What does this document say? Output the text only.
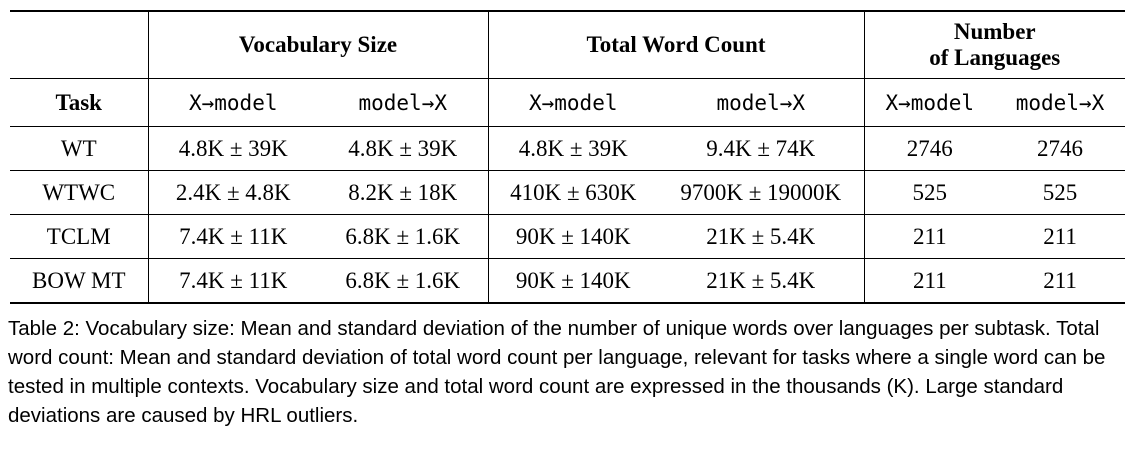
	Vocabulary Size		Total Word Count		Number
of Languages	

Task	X→model	model→X	X→model	model→X	X→model	model→X
WT	4.8K ± 39K	4.8K ± 39K	4.8K ± 39K	9.4K ± 74K	2746	2746
WTWC	2.4K ± 4.8K	8.2K ± 18K	410K ± 630K	9700K ± 19000K	525	525
TCLM	7.4K ± 11K	6.8K ± 1.6K	90K ± 140K	21K ± 5.4K	211	211
BOW MT	7.4K ± 11K	6.8K ± 1.6K	90K ± 140K	21K ± 5.4K	211	211
Table 2: Vocabulary size: Mean and standard deviation of the number of unique words over languages per subtask. Total word count: Mean and standard deviation of total word count per language, relevant for tasks where a single word can be tested in multiple contexts. Vocabulary size and total word count are expressed in the thousands (K). Large standard deviations are caused by HRL outliers.
